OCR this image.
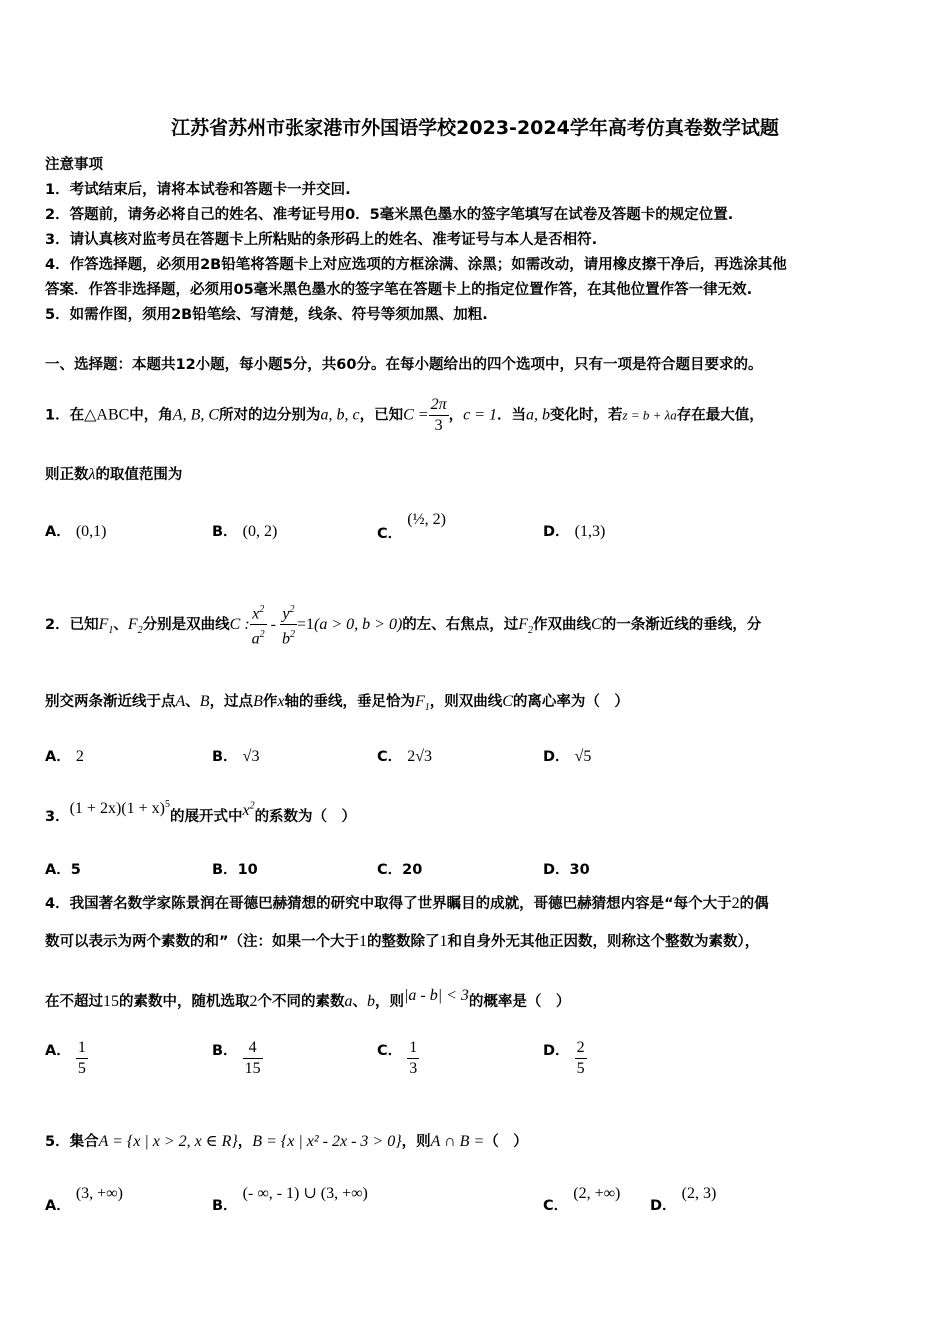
江苏省苏州市张家港市外国语学校2023-2024学年高考仿真卷数学试题
注意事项
1．考试结束后，请将本试卷和答题卡一并交回.
2．答题前，请务必将自己的姓名、准考证号用0．5毫米黑色墨水的签字笔填写在试卷及答题卡的规定位置.
3．请认真核对监考员在答题卡上所粘贴的条形码上的姓名、准考证号与本人是否相符.
4．作答选择题，必须用2B铅笔将答题卡上对应选项的方框涂满、涂黑；如需改动，请用橡皮擦干净后，再选涂其他
答案．作答非选择题，必须用05毫米黑色墨水的签字笔在答题卡上的指定位置作答，在其他位置作答一律无效.
5．如需作图，须用2B铅笔绘、写清楚，线条、符号等须加黑、加粗.
一、选择题：本题共12小题，每小题5分，共60分。在每小题给出的四个选项中，只有一项是符合题目要求的。
1．在△ABC中，角A, B, C所对的边分别为a, b, c，已知$C = \frac{2\pi}{3}$ ，c = 1．当a, b变化时，若z = b + λa存在最大值，
则正数λ的取值范围为
A． (0,1)	B． (0, 2)	C． (½, 2)
D． (1,3)
2．已知$F_1$、$F_2$分别是双曲线C : $\frac{x^2}{a^2} - \frac{y^2}{b^2} =1(a > 0$, b > 0)的左、右焦点，过$F_2$作双曲线C的一条渐近线的垂线，分
别交两条渐近线于点A、B，过点B作x轴的垂线，垂足恰为$F_1$，则双曲线C的离心率为（　）
A． 2	B． √3	C． 2√3	D． √5
3．$(1 + 2x)(1 + x)^5$的展开式中$x^2$的系数为（　）
A．5	B．10	C．20	D．30
4．我国著名数学家陈景润在哥德巴赫猜想的研究中取得了世界瞩目的成就，哥德巴赫猜想内容是“每个大于2的偶
数可以表示为两个素数的和”（注：如果一个大于1的整数除了1和自身外无其他正因数，则称这个整数为素数），
在不超过15的素数中，随机选取2个不同的素数a、b，则|a - b| < 3的概率是（　）
A． $\frac{1}{5}$	B． $\frac{4}{15}$	C． $\frac{1}{3}$	D． $\frac{2}{5}$
5．集合A = {x | x > 2, x ∈ R}，B = {x | x² - 2x - 3 > 0}，则A ∩ B =（　）
A． (3, +∞)
B． (- ∞, - 1) ∪ (3, +∞)
C． (2, +∞)
D． (2, 3)
